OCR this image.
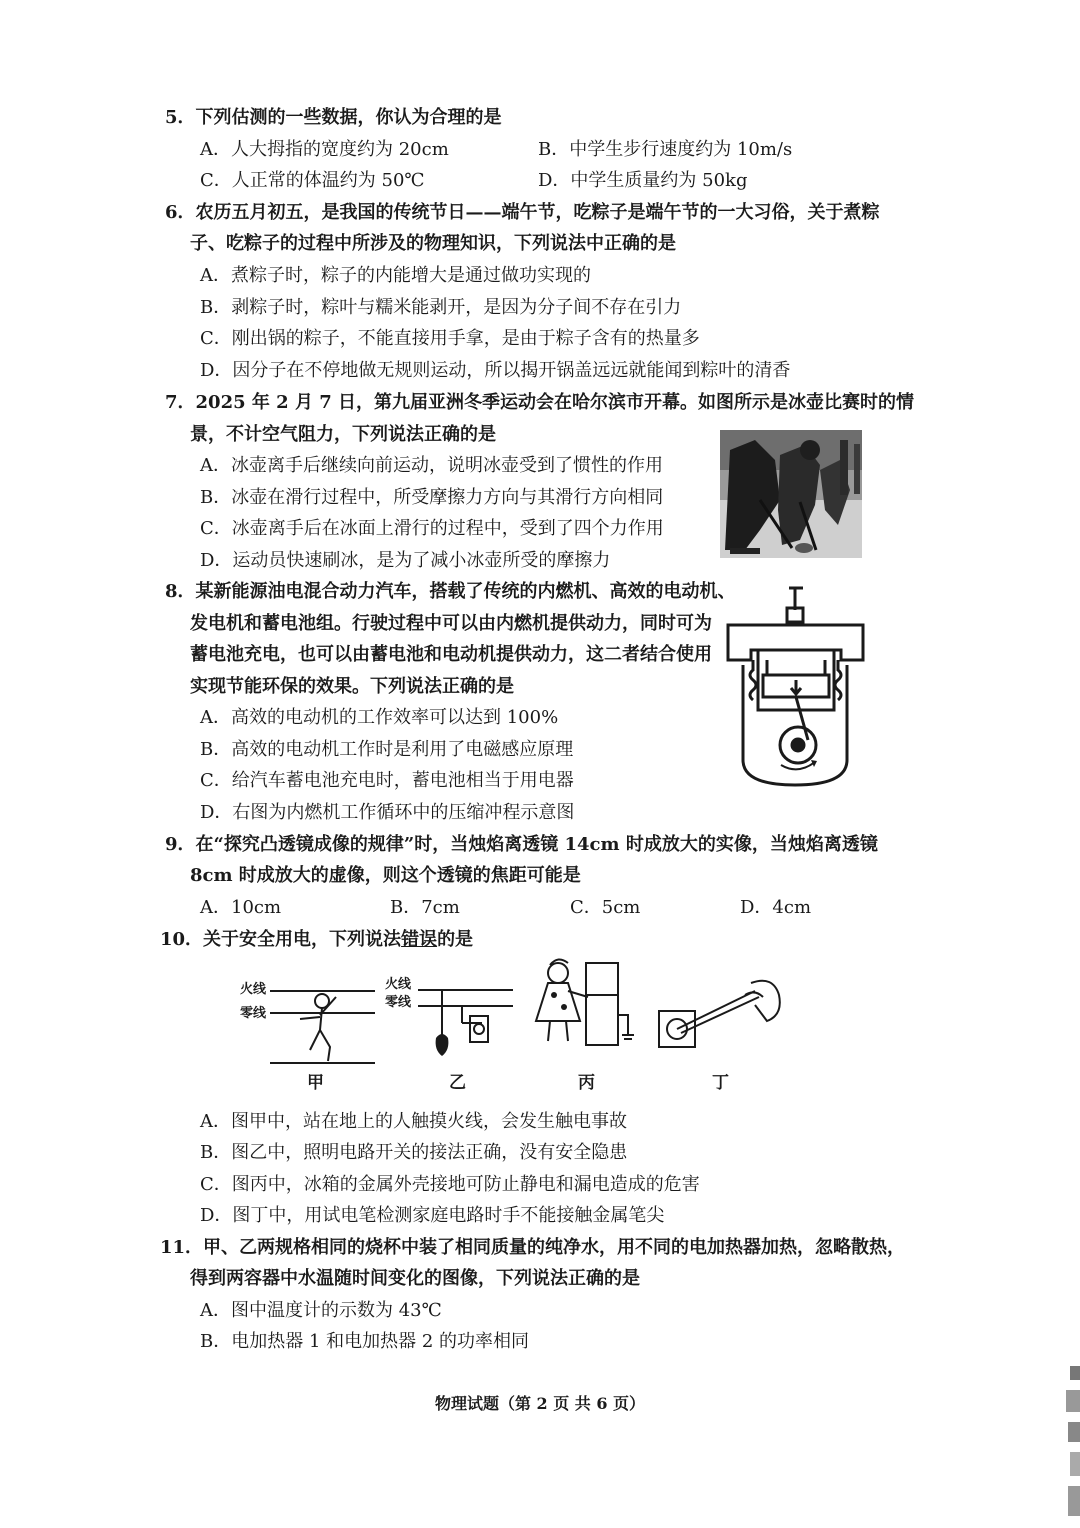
5．下列估测的一些数据，你认为合理的是
A．人大拇指的宽度约为 20cm	B．中学生步行速度约为 10m/s
C．人正常的体温约为 50℃	D．中学生质量约为 50kg
6．农历五月初五，是我国的传统节日——端午节，吃粽子是端午节的一大习俗，关于煮粽
子、吃粽子的过程中所涉及的物理知识，下列说法中正确的是
A．煮粽子时，粽子的内能增大是通过做功实现的
B．剥粽子时，粽叶与糯米能剥开，是因为分子间不存在引力
C．刚出锅的粽子，不能直接用手拿，是由于粽子含有的热量多
D．因分子在不停地做无规则运动，所以揭开锅盖远远就能闻到粽叶的清香
7．2025 年 2 月 7 日，第九届亚洲冬季运动会在哈尔滨市开幕。如图所示是冰壶比赛时的情
景，不计空气阻力，下列说法正确的是
A．冰壶离手后继续向前运动，说明冰壶受到了惯性的作用
B．冰壶在滑行过程中，所受摩擦力方向与其滑行方向相同
C．冰壶离手后在冰面上滑行的过程中，受到了四个力作用
D．运动员快速刷冰，是为了减小冰壶所受的摩擦力
8．某新能源油电混合动力汽车，搭载了传统的内燃机、高效的电动机、
发电机和蓄电池组。行驶过程中可以由内燃机提供动力，同时可为
蓄电池充电，也可以由蓄电池和电动机提供动力，这二者结合使用
实现节能环保的效果。下列说法正确的是
A．高效的电动机的工作效率可以达到 100%
B．高效的电动机工作时是利用了电磁感应原理
C．给汽车蓄电池充电时，蓄电池相当于用电器
D．右图为内燃机工作循环中的压缩冲程示意图
9．在“探究凸透镜成像的规律”时，当烛焰离透镜 14cm 时成放大的实像，当烛焰离透镜
8cm 时成放大的虚像，则这个透镜的焦距可能是
A．10cm	B．7cm	C．5cm	D．4cm
10．关于安全用电，下列说法错误的是
火线
零线
甲
火线
零线
乙	丙	丁
A．图甲中，站在地上的人触摸火线，会发生触电事故
B．图乙中，照明电路开关的接法正确，没有安全隐患
C．图丙中，冰箱的金属外壳接地可防止静电和漏电造成的危害
D．图丁中，用试电笔检测家庭电路时手不能接触金属笔尖
11．甲、乙两规格相同的烧杯中装了相同质量的纯净水，用不同的电加热器加热，忽略散热，
得到两容器中水温随时间变化的图像，下列说法正确的是
A．图中温度计的示数为 43℃
B．电加热器 1 和电加热器 2 的功率相同
物理试题（第 2 页 共 6 页）
